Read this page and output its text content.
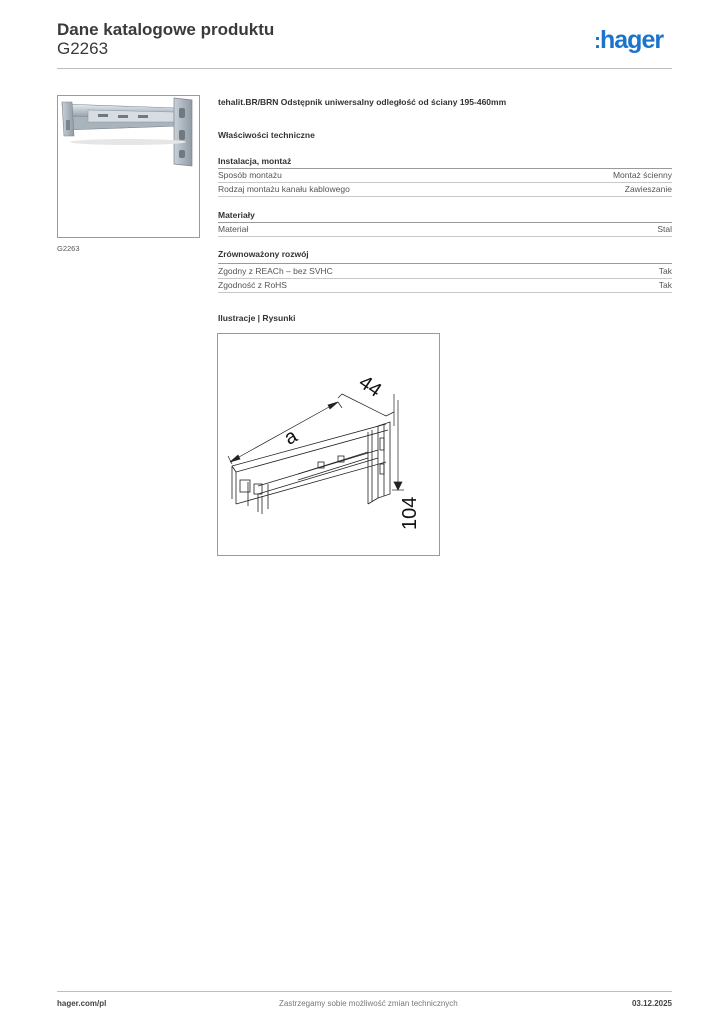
Dane katalogowe produktu
G2263	:hager
G2263
tehalit.BR/BRN Odstępnik uniwersalny odległość od ściany 195-460mm
Właściwości techniczne
Instalacja, montaż
Sposób montażu	Montaż ścienny
Rodzaj montażu kanału kablowego	Zawieszanie
Materiały
Materiał	Stal
Zrównoważony rozwój
Zgodny z REACh – bez SVHC	Tak
Zgodność z RoHS	Tak
Ilustracje | Rysunki
a
44
104
hager.com/pl	Zastrzegamy sobie możliwość zmian technicznych	03.12.2025
